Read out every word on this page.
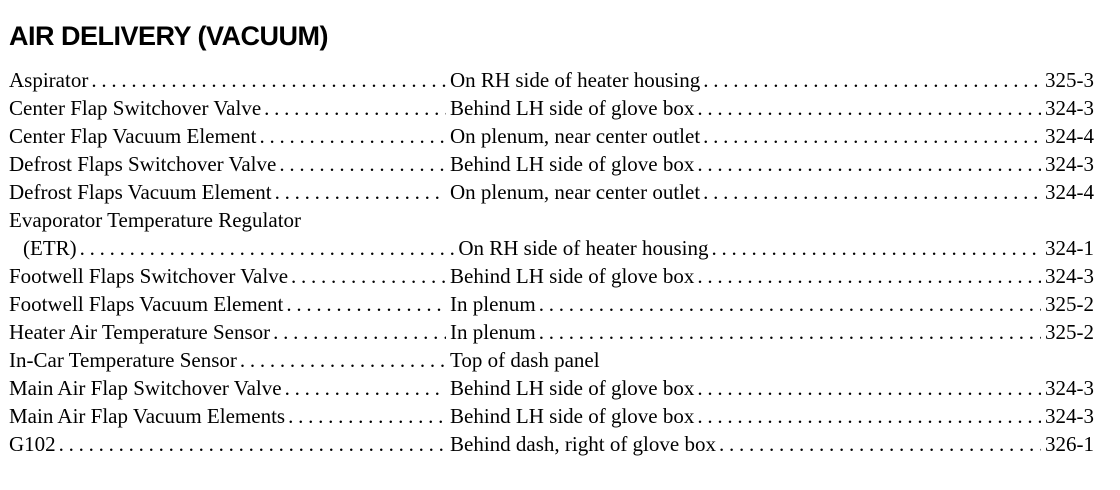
AIR DELIVERY (VACUUM)
Aspirator . . .	On RH side of heater housing . . .	325-3
Center Flap Switchover Valve . . .	Behind LH side of glove box . . .	324-3
Center Flap Vacuum Element . . .	On plenum, near center outlet . . .	324-4
Defrost Flaps Switchover Valve . . .	Behind LH side of glove box . . .	324-3
Defrost Flaps Vacuum Element . . .	On plenum, near center outlet . . .	324-4
Evaporator Temperature Regulator
(ETR) . . .	On RH side of heater housing . . .	324-1
Footwell Flaps Switchover Valve . . .	Behind LH side of glove box . . .	324-3
Footwell Flaps Vacuum Element . . .	In plenum . . .	325-2
Heater Air Temperature Sensor . . .	In plenum . . .	325-2
In-Car Temperature Sensor . . .	Top of dash panel
Main Air Flap Switchover Valve . . .	Behind LH side of glove box . . .	324-3
Main Air Flap Vacuum Elements . . .	Behind LH side of glove box . . .	324-3
G102 . . .	Behind dash, right of glove box . . .	326-1
